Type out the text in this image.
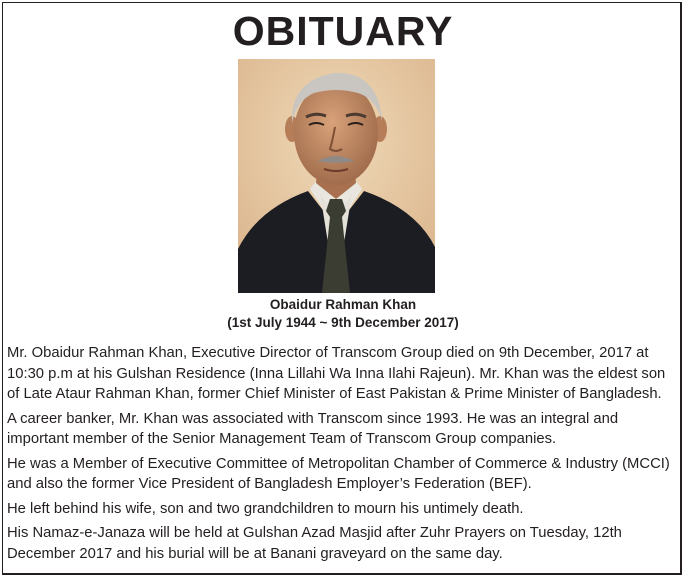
OBITUARY
Obaidur Rahman Khan
(1st July 1944 ~ 9th December 2017)

Mr. Obaidur Rahman Khan, Executive Director of Transcom Group died on 9th December, 2017 at 10:30 p.m at his Gulshan Residence (Inna Lillahi Wa Inna Ilahi Rajeun). Mr. Khan was the eldest son of Late Ataur Rahman Khan, former Chief Minister of East Pakistan & Prime Minister of Bangladesh.

A career banker, Mr. Khan was associated with Transcom since 1993. He was an integral and important member of the Senior Management Team of Transcom Group companies.

He was a Member of Executive Committee of Metropolitan Chamber of Commerce & Industry (MCCI) and also the former Vice President of Bangladesh Employer’s Federation (BEF).

He left behind his wife, son and two grandchildren to mourn his untimely death.

His Namaz-e-Janaza will be held at Gulshan Azad Masjid after Zuhr Prayers on Tuesday, 12th December 2017 and his burial will be at Banani graveyard on the same day.
